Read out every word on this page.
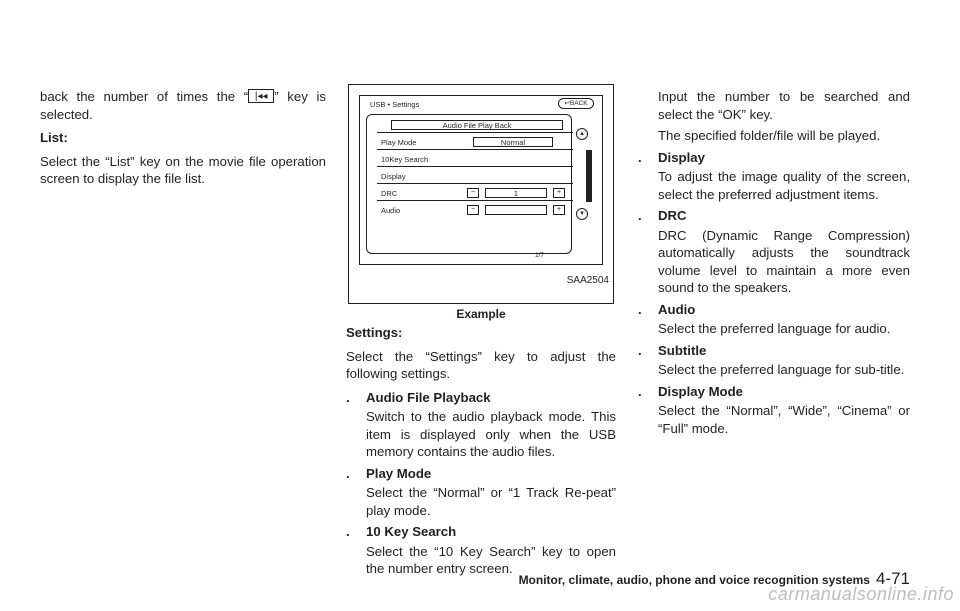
back the number of times the “ |◂◂ ” key is selected.

List:

Select the “List” key on the movie file operation screen to display the file list.

USB • Settings	↩BACK
Audio File Play Back
Play Mode	Normal
10Key Search
Display
DRC	−	1	+
Audio	−	+
▲
▼
1/7
SAA2504
Example

Settings:

Select the “Settings” key to adjust the following settings.

. Audio File Playback
Switch to the audio playback mode. This item is displayed only when the USB memory contains the audio files.
. Play Mode
Select the “Normal” or “1 Track Re-peat” play mode.
. 10 Key Search
Select the “10 Key Search” key to open the number entry screen.
Input the number to be searched and select the “OK” key.
The specified folder/file will be played.
. Display
To adjust the image quality of the screen, select the preferred adjustment items.
. DRC
DRC (Dynamic Range Compression) automatically adjusts the soundtrack volume level to maintain a more even sound to the speakers.
. Audio
Select the preferred language for audio.
. Subtitle
Select the preferred language for sub-title.
. Display Mode
Select the “Normal”, “Wide”, “Cinema” or “Full” mode.
Monitor, climate, audio, phone and voice recognition systems 4-71
carmanualsonline.info
